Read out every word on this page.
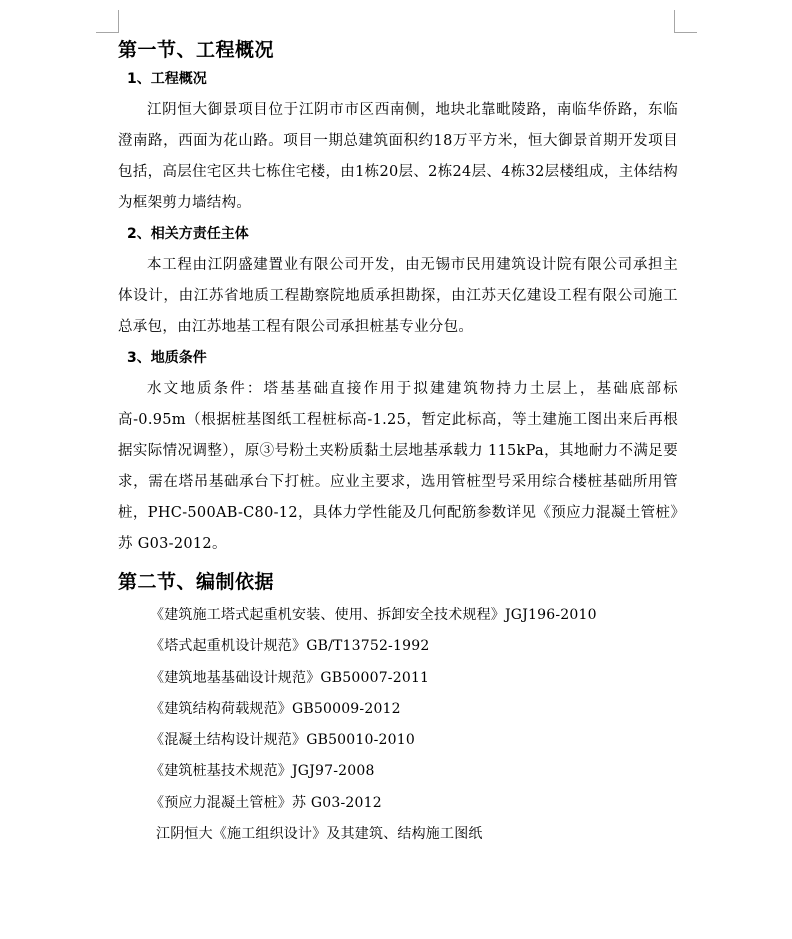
第一节、工程概况
1、工程概况

江阴恒大御景项目位于江阴市市区西南侧，地块北靠毗陵路，南临华侨路，东临澄南路，西面为花山路。项目一期总建筑面积约18万平方米，恒大御景首期开发项目包括，高层住宅区共七栋住宅楼，由1栋20层、2栋24层、4栋32层楼组成，主体结构为框架剪力墙结构。

2、相关方责任主体

本工程由江阴盛建置业有限公司开发，由无锡市民用建筑设计院有限公司承担主体设计，由江苏省地质工程勘察院地质承担勘探，由江苏天亿建设工程有限公司施工总承包，由江苏地基工程有限公司承担桩基专业分包。

3、地质条件

水文地质条件：塔基基础直接作用于拟建建筑物持力土层上，基础底部标高-0.95m（根据桩基图纸工程桩标高-1.25，暂定此标高，等土建施工图出来后再根据实际情况调整），原③号粉土夹粉质黏土层地基承载力 115kPa，其地耐力不满足要求，需在塔吊基础承台下打桩。应业主要求，选用管桩型号采用综合楼桩基础所用管桩，PHC-500AB-C80-12，具体力学性能及几何配筋参数详见《预应力混凝土管桩》苏 G03-2012。

第二节、编制依据
《建筑施工塔式起重机安装、使用、拆卸安全技术规程》JGJ196-2010
《塔式起重机设计规范》GB/T13752-1992
《建筑地基基础设计规范》GB50007-2011
《建筑结构荷载规范》GB50009-2012
《混凝土结构设计规范》GB50010-2010
《建筑桩基技术规范》JGJ97-2008
《预应力混凝土管桩》苏 G03-2012
江阴恒大《施工组织设计》及其建筑、结构施工图纸
